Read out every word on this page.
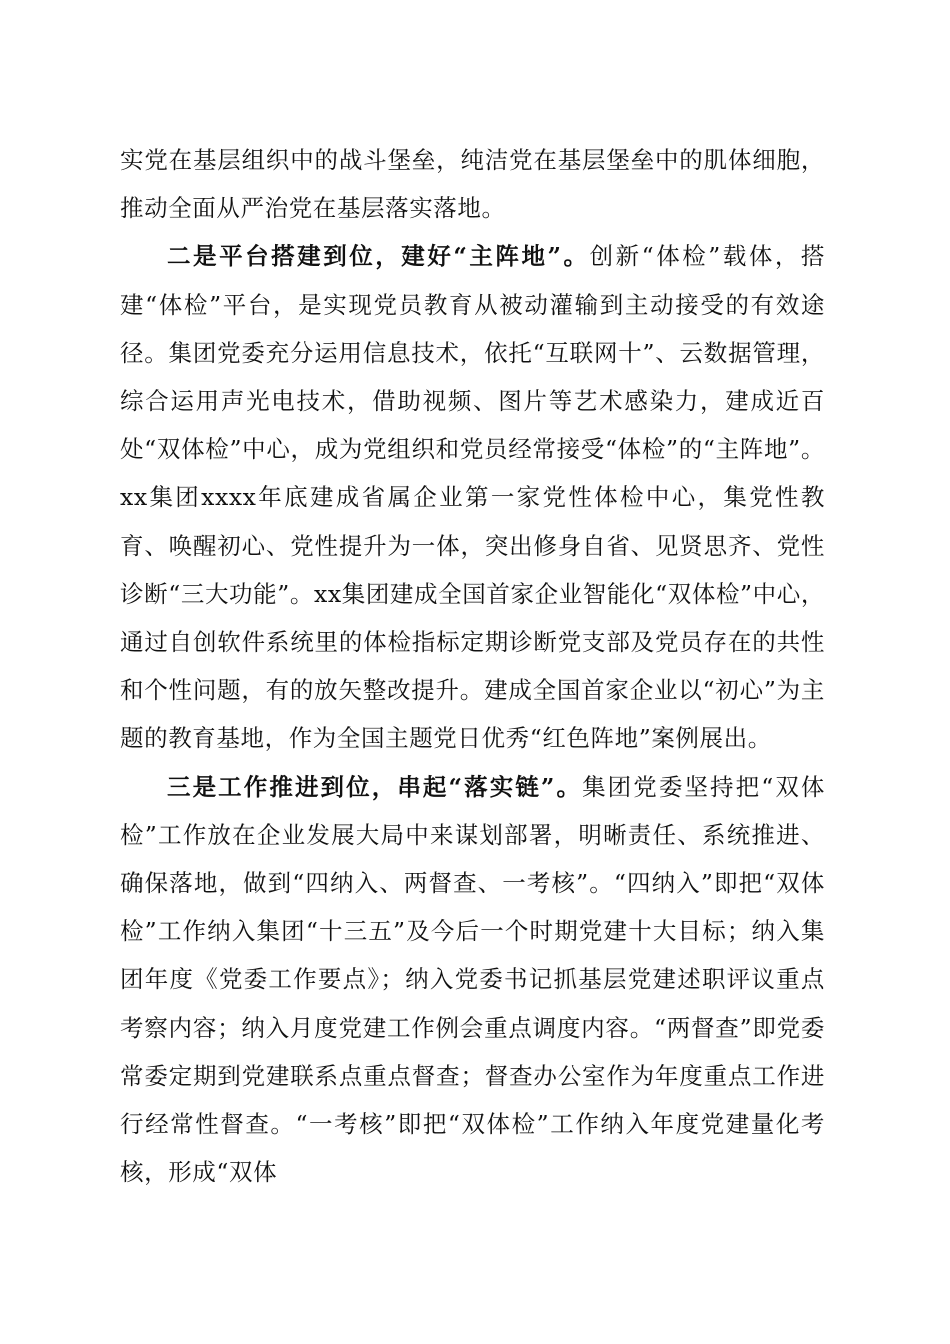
实党在基层组织中的战斗堡垒，纯洁党在基层堡垒中的肌体细胞，推动全面从严治党在基层落实落地。

二是平台搭建到位，建好“主阵地”。创新“体检”载体，搭建“体检”平台，是实现党员教育从被动灌输到主动接受的有效途径。集团党委充分运用信息技术，依托“互联网十”、云数据管理，综合运用声光电技术，借助视频、图片等艺术感染力，建成近百处“双体检”中心，成为党组织和党员经常接受“体检”的“主阵地”。xx集团xxxx年底建成省属企业第一家党性体检中心，集党性教育、唤醒初心、党性提升为一体，突出修身自省、见贤思齐、党性诊断“三大功能”。xx集团建成全国首家企业智能化“双体检”中心，通过自创软件系统里的体检指标定期诊断党支部及党员存在的共性和个性问题，有的放矢整改提升。建成全国首家企业以“初心”为主题的教育基地，作为全国主题党日优秀“红色阵地”案例展出。

三是工作推进到位，串起“落实链”。集团党委坚持把“双体检”工作放在企业发展大局中来谋划部署，明晰责任、系统推进、确保落地，做到“四纳入、两督查、一考核”。“四纳入”即把“双体检”工作纳入集团“十三五”及今后一个时期党建十大目标；纳入集团年度《党委工作要点》；纳入党委书记抓基层党建述职评议重点考察内容；纳入月度党建工作例会重点调度内容。“两督查”即党委常委定期到党建联系点重点督查；督查办公室作为年度重点工作进行经常性督查。“一考核”即把“双体检”工作纳入年度党建量化考核，形成“双体
